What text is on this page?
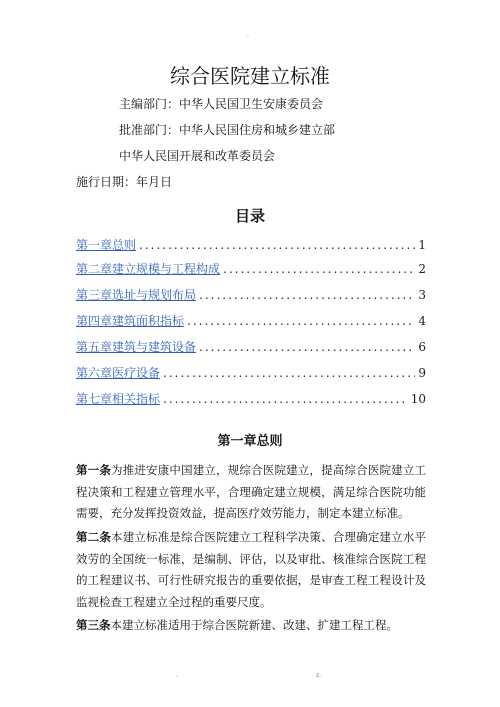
.
综合医院建立标准
主编部门：中华人民国卫生安康委员会
批准部门：中华人民国住房和城乡建立部
中华人民国开展和改革委员会
施行日期：年月日
目录
第一章总则 .....	1
第二章建立规模与工程构成 .....	2
第三章选址与规划布局 .....	3
第四章建筑面积指标 .....	4
第五章建筑与建筑设备 .....	6
第六章医疗设备 .....	9
第七章相关指标 .....	10
第一章总则
第一条为推进安康中国建立，规综合医院建立，提高综合医院建立工程决策和工程建立管理水平，合理确定建立规模，满足综合医院功能需要，充分发挥投资效益，提高医疗效劳能力，制定本建立标准。
第二条本建立标准是综合医院建立工程科学决策、合理确定建立水平效劳的全国统一标准，是编制、评估，以及审批、核准综合医院工程的工程建议书、可行性研究报告的重要依据，是审查工程工程设计及监视检查工程建立全过程的重要尺度。
第三条本建立标准适用于综合医院新建、改建、扩建工程工程。
.	z.
